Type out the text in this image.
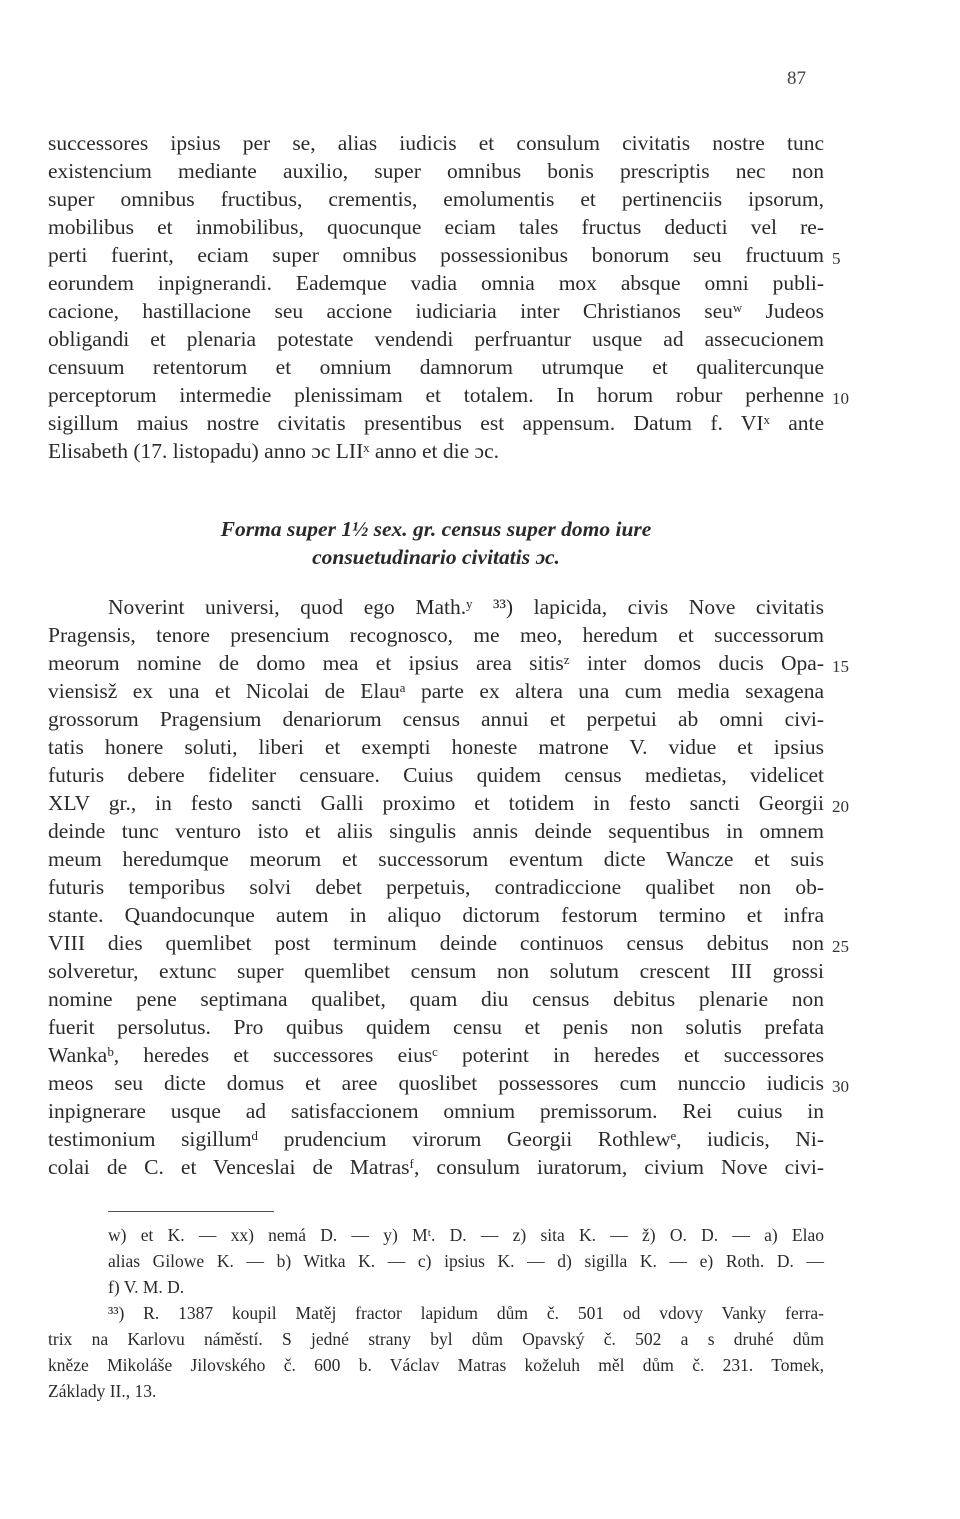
87
successores ipsius per se, alias iudicis et consulum civitatis nostre tunc
existencium mediante auxilio, super omnibus bonis prescriptis nec non
super omnibus fructibus, crementis, emolumentis et pertinenciis ipsorum,
mobilibus et inmobilibus, quocunque eciam tales fructus deducti vel re-
perti fuerint, eciam super omnibus possessionibus bonorum seu fructuum 5
eorundem inpignerandi. Eademque vadia omnia mox absque omni publi-
cacione, hastillacione seu accione iudiciaria inter Christianos seuʷ Judeos
obligandi et plenaria potestate vendendi perfruantur usque ad assecucionem
censuum retentorum et omnium damnorum utrumque et qualitercunque
perceptorum intermedie plenissimam et totalem. In horum robur perhenne 10
sigillum maius nostre civitatis presentibus est appensum. Datum f. VIˣ ante
Elisabeth (17. listopadu) anno ɔc LIIˣ anno et die ɔc.
Forma super 1½ sex. gr. census super domo iure
consuetudinario civitatis ɔc.
Noverint universi, quod ego Math.ʸ ³³) lapicida, civis Nove civitatis
Pragensis, tenore presencium recognosco, me meo, heredum et successorum
meorum nomine de domo mea et ipsius area sitisᶻ inter domos ducis Opa- 15
viensisž ex una et Nicolai de Elauᵃ parte ex altera una cum media sexagena
grossorum Pragensium denariorum census annui et perpetui ab omni civi-
tatis honere soluti, liberi et exempti honeste matrone V. vidue et ipsius
futuris debere fideliter censuare. Cuius quidem census medietas, videlicet
XLV gr., in festo sancti Galli proximo et totidem in festo sancti Georgii 20
deinde tunc venturo isto et aliis singulis annis deinde sequentibus in omnem
meum heredumque meorum et successorum eventum dicte Wancze et suis
futuris temporibus solvi debet perpetuis, contradiccione qualibet non ob-
stante. Quandocunque autem in aliquo dictorum festorum termino et infra
VIII dies quemlibet post terminum deinde continuos census debitus non 25
solveretur, extunc super quemlibet censum non solutum crescent III grossi
nomine pene septimana qualibet, quam diu census debitus plenarie non
fuerit persolutus. Pro quibus quidem censu et penis non solutis prefata
Wankaᵇ, heredes et successores eiusᶜ poterint in heredes et successores
meos seu dicte domus et aree quoslibet possessores cum nunccio iudicis 30
inpignerare usque ad satisfaccionem omnium premissorum. Rei cuius in
testimonium sigillumᵈ prudencium virorum Georgii Rothlewᵉ, iudicis, Ni-
colai de C. et Venceslai de Matrasᶠ, consulum iuratorum, civium Nove civi-
w) et K. — xx) nemá D. — y) Mᵗ. D. — z) sita K. — ž) O. D. — a) Elao
alias Gilowe K. — b) Witka K. — c) ipsius K. — d) sigilla K. — e) Roth. D. —
f) V. M. D.
³³) R. 1387 koupil Matěj fractor lapidum dům č. 501 od vdovy Vanky ferra-
trix na Karlovu náměstí. S jedné strany byl dům Opavský č. 502 a s druhé dům
kněze Mikoláše Jilovského č. 600 b. Václav Matras koželuh měl dům č. 231. Tomek,
Základy II., 13.
